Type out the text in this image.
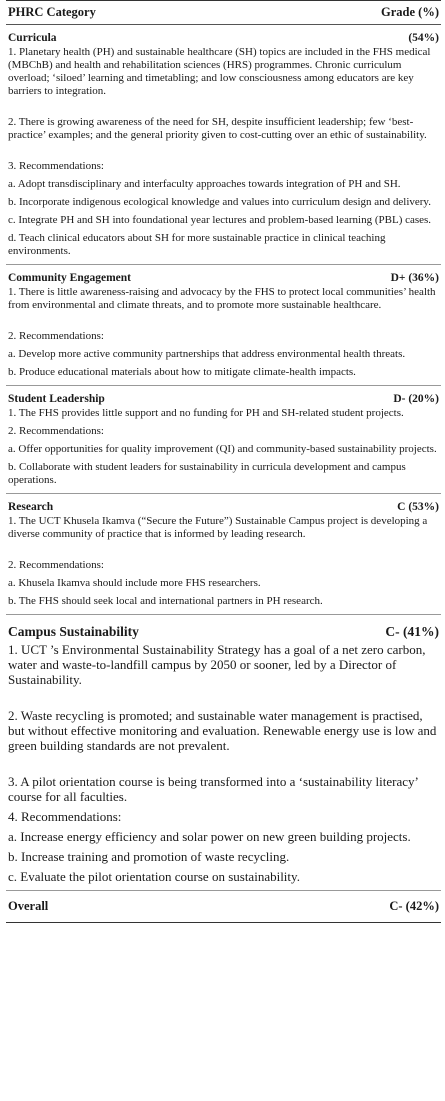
PHRC Category	Grade (%)
Curricula	(54%)
1. Planetary health (PH) and sustainable healthcare (SH) topics are included in the FHS medical (MBChB) and health and rehabilitation sciences (HRS) programmes. Chronic curriculum overload; ‘siloed’ learning and timetabling; and low consciousness among educators are key barriers to integration.
2. There is growing awareness of the need for SH, despite insufficient leadership; few ‘best-practice’ examples; and the general priority given to cost-cutting over an ethic of sustainability.
3. Recommendations:
a. Adopt transdisciplinary and interfaculty approaches towards integration of PH and SH.
b. Incorporate indigenous ecological knowledge and values into curriculum design and delivery.
c. Integrate PH and SH into foundational year lectures and problem-based learning (PBL) cases.
d. Teach clinical educators about SH for more sustainable practice in clinical teaching environments.
Community Engagement	D+ (36%)
1. There is little awareness-raising and advocacy by the FHS to protect local communities’ health from environmental and climate threats, and to promote more sustainable healthcare.
2. Recommendations:
a. Develop more active community partnerships that address environmental health threats.
b. Produce educational materials about how to mitigate climate-health impacts.
Student Leadership	D- (20%)
1. The FHS provides little support and no funding for PH and SH-related student projects.
2. Recommendations:
a. Offer opportunities for quality improvement (QI) and community-based sustainability projects.
b. Collaborate with student leaders for sustainability in curricula development and campus operations.
Research	C (53%)
1. The UCT Khusela Ikamva (“Secure the Future”) Sustainable Campus project is developing a diverse community of practice that is informed by leading research.
2. Recommendations:
a. Khusela Ikamva should include more FHS researchers.
b. The FHS should seek local and international partners in PH research.
Campus Sustainability	C- (41%)
1. UCT ’s Environmental Sustainability Strategy has a goal of a net zero carbon, water and waste-to-landfill campus by 2050 or sooner, led by a Director of Sustainability.
2. Waste recycling is promoted; and sustainable water management is practised, but without effective monitoring and evaluation. Renewable energy use is low and green building standards are not prevalent.
3. A pilot orientation course is being transformed into a ‘sustainability literacy’ course for all faculties.
4. Recommendations:
a. Increase energy efficiency and solar power on new green building projects.
b. Increase training and promotion of waste recycling.
c. Evaluate the pilot orientation course on sustainability.
Overall	C- (42%)
